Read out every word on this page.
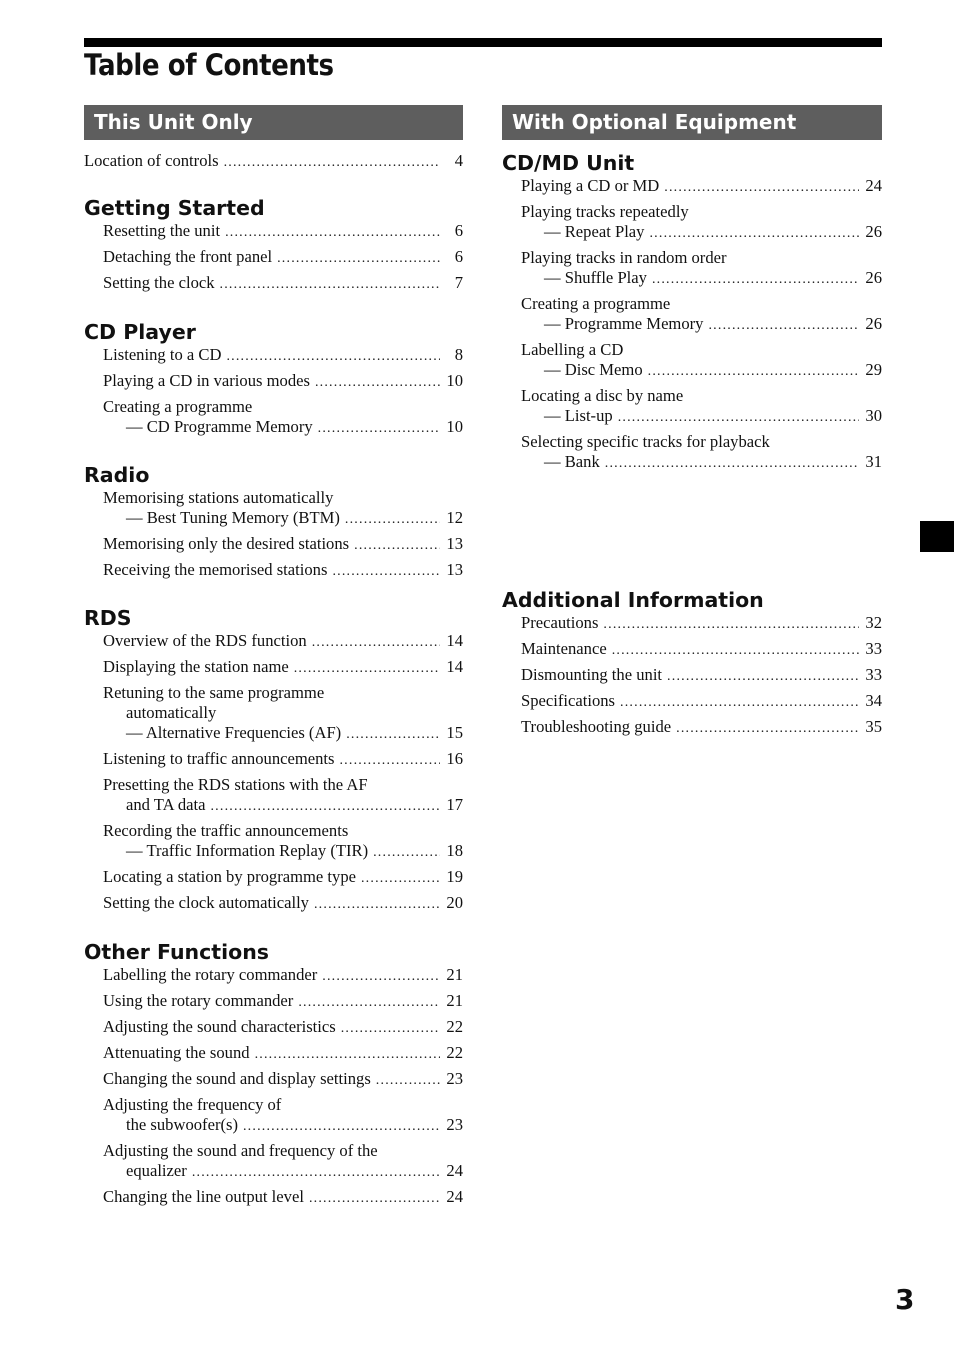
Table of Contents
This Unit Only
Location of controls .....	4
Getting Started
Resetting the unit .....	6
Detaching the front panel .....	6
Setting the clock .....	7
CD Player
Listening to a CD .....	8
Playing a CD in various modes .....	10
Creating a programme
— CD Programme Memory .....	10
Radio
Memorising stations automatically
— Best Tuning Memory (BTM) .....	12
Memorising only the desired stations .....	13
Receiving the memorised stations .....	13
RDS
Overview of the RDS function .....	14
Displaying the station name .....	14
Retuning to the same programme
automatically
— Alternative Frequencies (AF) .....	15
Listening to traffic announcements .....	16
Presetting the RDS stations with the AF
and TA data .....	17
Recording the traffic announcements
— Traffic Information Replay (TIR) .....	18
Locating a station by programme type .....	19
Setting the clock automatically .....	20
Other Functions
Labelling the rotary commander .....	21
Using the rotary commander .....	21
Adjusting the sound characteristics .....	22
Attenuating the sound .....	22
Changing the sound and display settings .....	23
Adjusting the frequency of
the subwoofer(s) .....	23
Adjusting the sound and frequency of the
equalizer .....	24
Changing the line output level .....	24
With Optional Equipment
CD/MD Unit
Playing a CD or MD .....	24
Playing tracks repeatedly
— Repeat Play .....	26
Playing tracks in random order
— Shuffle Play .....	26
Creating a programme
— Programme Memory .....	26
Labelling a CD
— Disc Memo .....	29
Locating a disc by name
— List-up .....	30
Selecting specific tracks for playback
— Bank .....	31
Additional Information
Precautions .....	32
Maintenance .....	33
Dismounting the unit .....	33
Specifications .....	34
Troubleshooting guide .....	35
3
